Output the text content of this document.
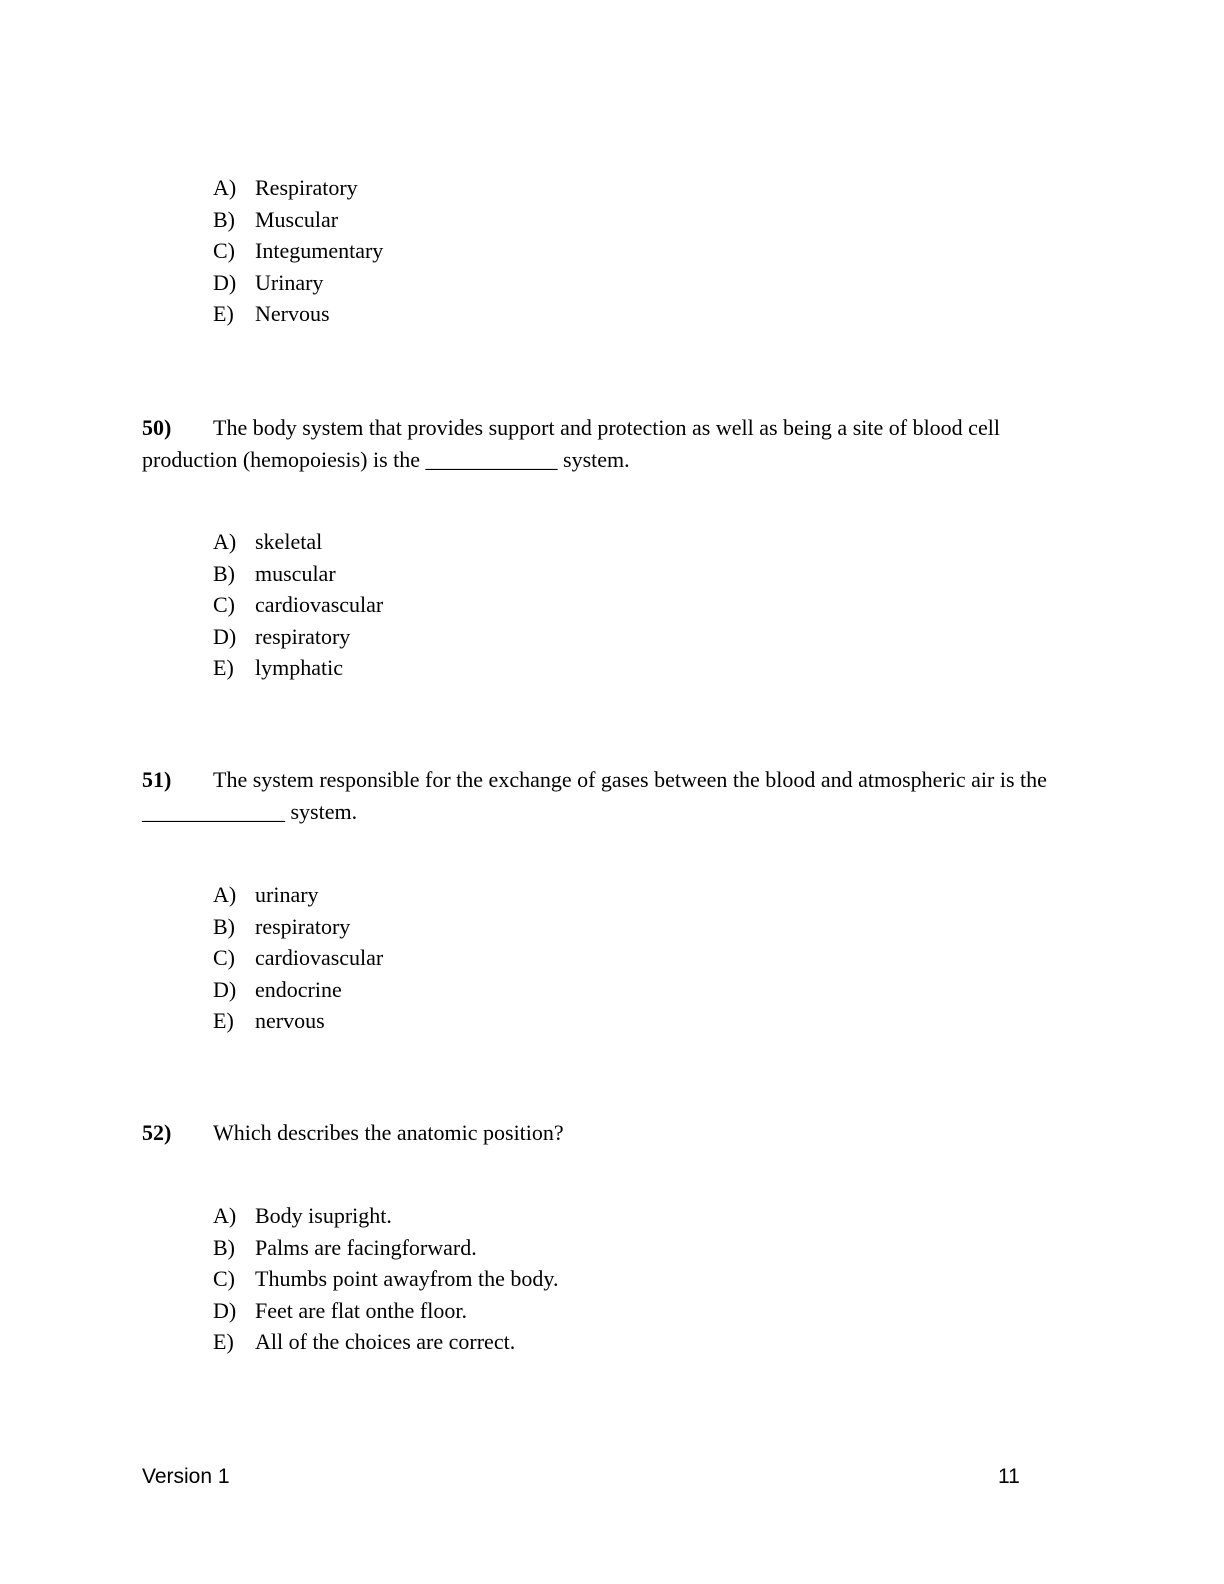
A) Respiratory
B) Muscular
C) Integumentary
D) Urinary
E) Nervous
50) The body system that provides support and protection as well as being a site of blood cell production (hemopoiesis) is the ____________ system.
A) skeletal
B) muscular
C) cardiovascular
D) respiratory
E) lymphatic
51) The system responsible for the exchange of gases between the blood and atmospheric air is the _____________ system.
A) urinary
B) respiratory
C) cardiovascular
D) endocrine
E) nervous
52) Which describes the anatomic position?
A) Body isupright.
B) Palms are facingforward.
C) Thumbs point awayfrom the body.
D) Feet are flat onthe floor.
E) All of the choices are correct.
Version 1	11
